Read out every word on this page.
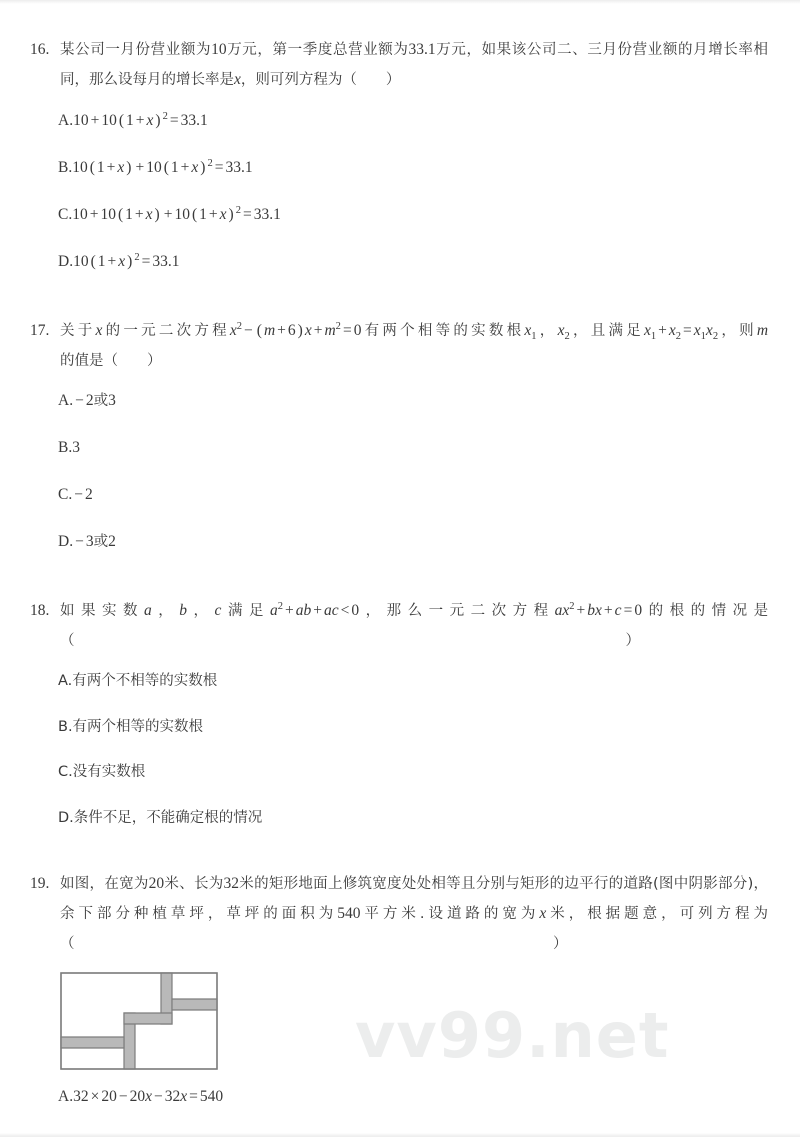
vv99.net
16. 某公司一月份营业额为10万元，第一季度总营业额为33.1万元，如果该公司二、三月份营业额的月增长率相同，那么设每月的增长率是x，则可列方程为（　　）
A.10 + 10 ( 1 + x ) $^2$ = 33.1
B.10 ( 1 + x ) + 10 ( 1 + x ) $^2$ = 33.1
C.10 + 10 ( 1 + x ) + 10 ( 1 + x ) $^2$ = 33.1
D.10 ( 1 + x ) $^2$ = 33.1
17. 关于x的一元二次方程$x^2$ − ( m + 6 ) $x + m^2 = 0$有两个相等的实数根$x_1$，$x_2$，且满足$x_1 + x_2 = x_1x_2$，则m的值是（　　）
A. − 2或3
B.3
C. − 2
D. − 3或2
18. 如果实数a，b，c满足$a^2$ + ab + ac < 0，那么一元二次方程$ax^2$ + bx + c = 0的根的情况是（　　　　　　　　　　　　　　　　　　　　　　　　　　　　　　　　　　　　　　）
A.有两个不相等的实数根
B.有两个相等的实数根
C.没有实数根
D.条件不足，不能确定根的情况
19. 如图，在宽为20米、长为32米的矩形地面上修筑宽度处处相等且分别与矩形的边平行的道路(图中阴影部分)，余下部分种植草坪，草坪的面积为540平方米.设道路的宽为x米，根据题意，可列方程为（　　　　　　　　　　　　　　　　　　　　　　　　　　　　　　　　　）
A.32 × 20 − 20x − 32x = 540
